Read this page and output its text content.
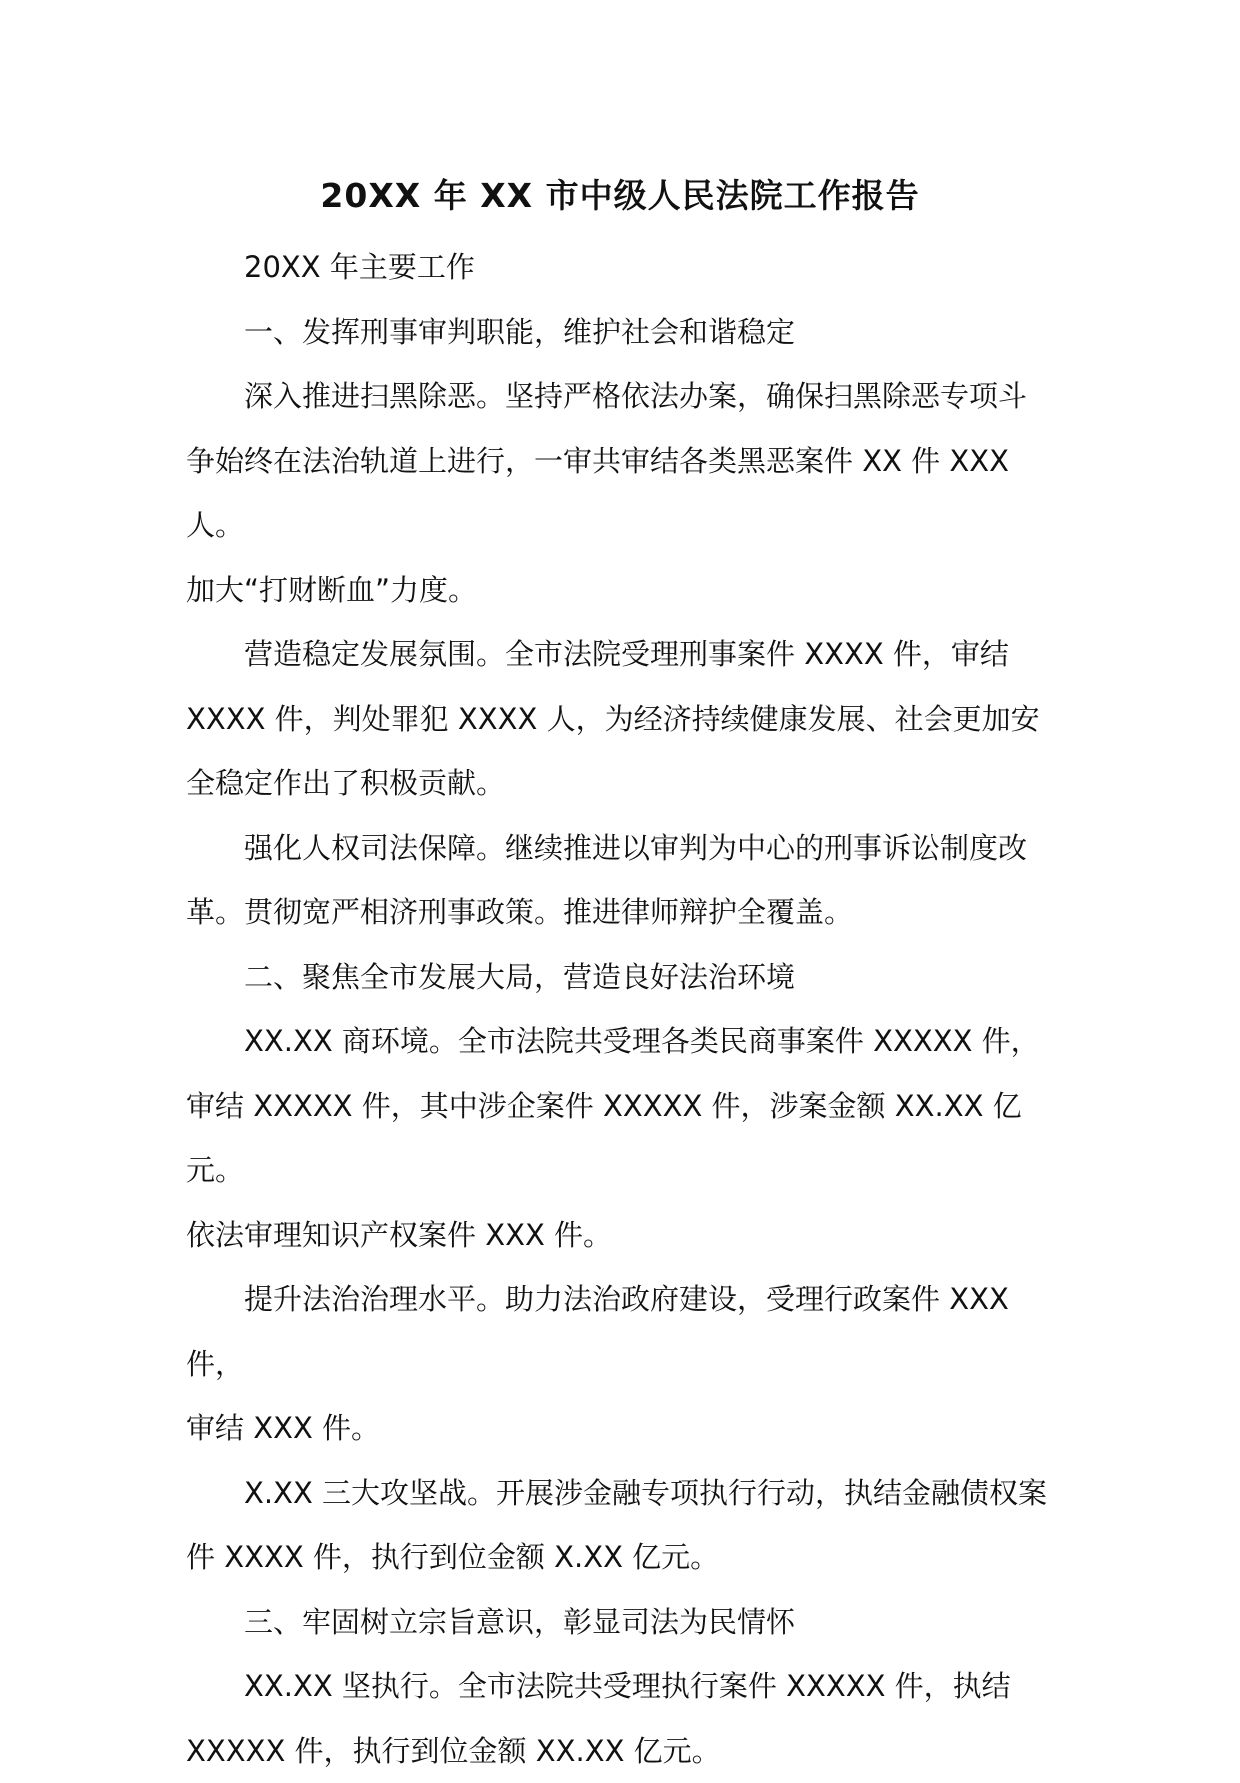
20XX 年 XX 市中级人民法院工作报告

20XX 年主要工作

一、发挥刑事审判职能，维护社会和谐稳定

深入推进扫黑除恶。坚持严格依法办案，确保扫黑除恶专项斗

争始终在法治轨道上进行，一审共审结各类黑恶案件 XX 件 XXX 人。

加大“打财断血”力度。

营造稳定发展氛围。全市法院受理刑事案件 XXXX 件，审结

XXXX 件，判处罪犯 XXXX 人，为经济持续健康发展、社会更加安

全稳定作出了积极贡献。

强化人权司法保障。继续推进以审判为中心的刑事诉讼制度改

革。贯彻宽严相济刑事政策。推进律师辩护全覆盖。

二、聚焦全市发展大局，营造良好法治环境

XX.XX 商环境。全市法院共受理各类民商事案件 XXXXX 件，

审结 XXXXX 件，其中涉企案件 XXXXX 件，涉案金额 XX.XX 亿元。

依法审理知识产权案件 XXX 件。

提升法治治理水平。助力法治政府建设，受理行政案件 XXX 件，

审结 XXX 件。

X.XX 三大攻坚战。开展涉金融专项执行行动，执结金融债权案

件 XXXX 件，执行到位金额 X.XX 亿元。

三、牢固树立宗旨意识，彰显司法为民情怀

XX.XX 坚执行。全市法院共受理执行案件 XXXXX 件，执结

XXXXX 件，执行到位金额 XX.XX 亿元。
